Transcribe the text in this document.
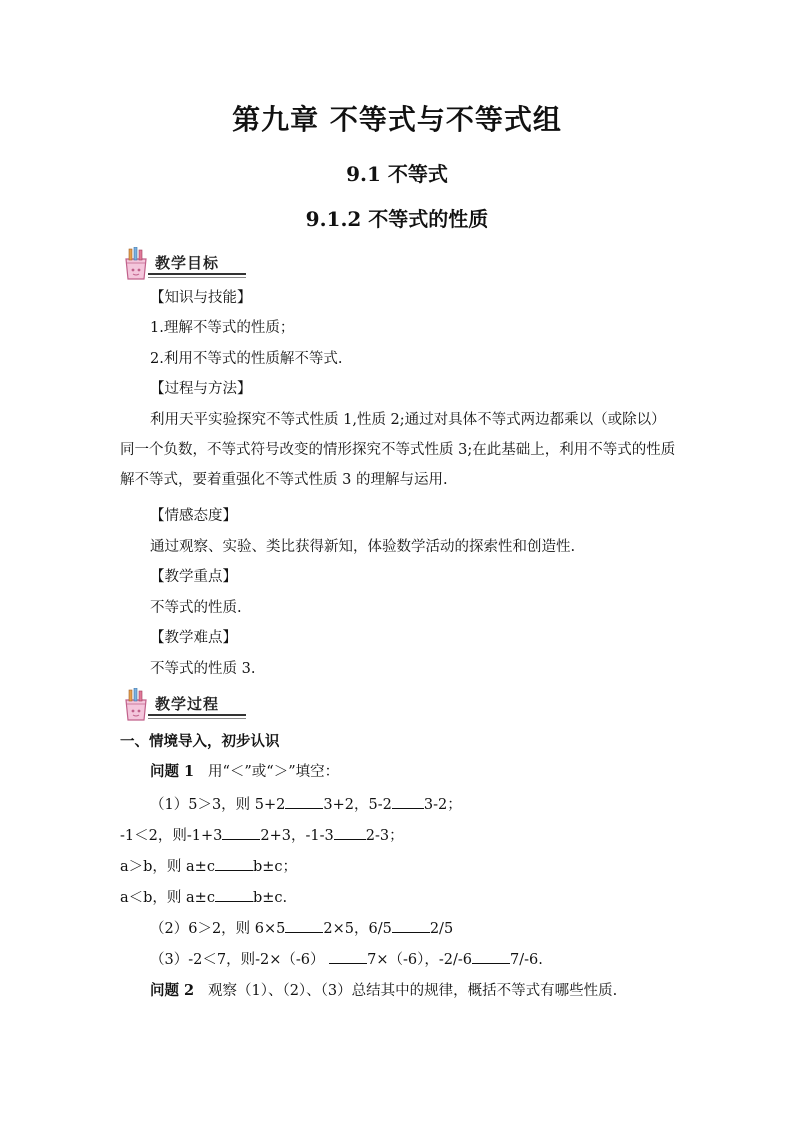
第九章 不等式与不等式组
9.1 不等式
9.1.2 不等式的性质
教学目标
【知识与技能】
1.理解不等式的性质；
2.利用不等式的性质解不等式.
【过程与方法】
利用天平实验探究不等式性质 1,性质 2;通过对具体不等式两边都乘以（或除以）同一个负数，不等式符号改变的情形探究不等式性质 3;在此基础上，利用不等式的性质解不等式，要着重强化不等式性质 3 的理解与运用.
【情感态度】
通过观察、实验、类比获得新知，体验数学活动的探索性和创造性.
【教学重点】
不等式的性质.
【教学难点】
不等式的性质 3.
教学过程
一、情境导入，初步认识
问题 1 用“＜”或“＞”填空：
（1）5＞3，则 5+2	3+2，5-2 3-2；
-1＜2，则-1+3	2+3，-1-3 2-3；
a＞b，则 a±c	b±c；
a＜b，则 a±c	b±c.
（2）6＞2，则 6×5	2×5，6/5	2/5
（3）-2＜7，则-2×（-6）	7×（-6），-2/-6	7/-6.
问题 2 观察（1）、（2）、（3）总结其中的规律，概括不等式有哪些性质.
